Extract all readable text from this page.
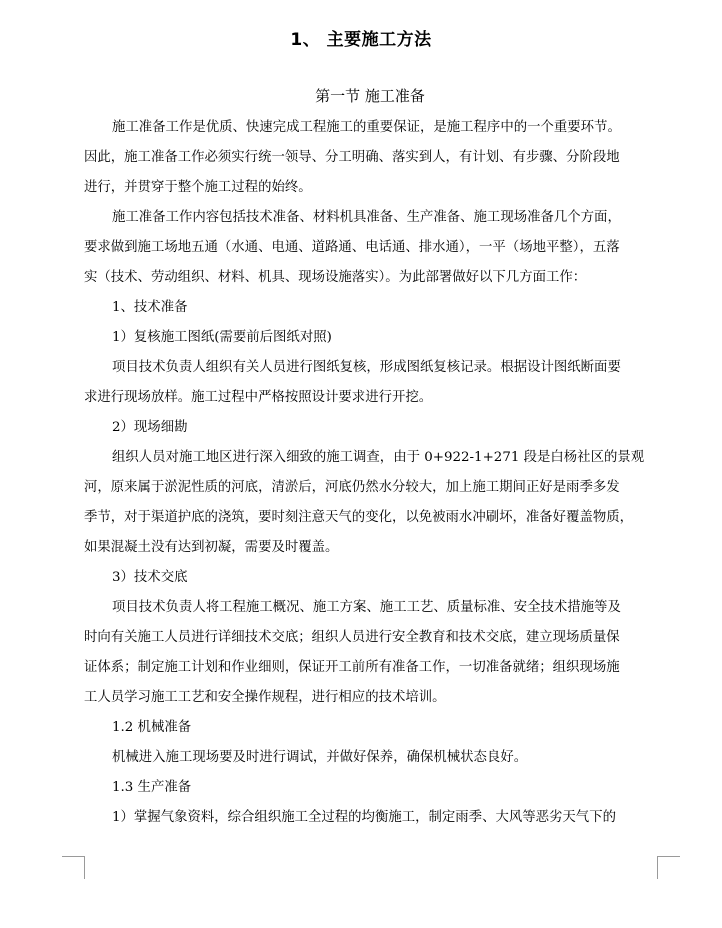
1、 主要施工方法
第一节 施工准备
施工准备工作是优质、快速完成工程施工的重要保证，是施工程序中的一个重要环节。
因此，施工准备工作必须实行统一领导、分工明确、落实到人，有计划、有步骤、分阶段地
进行，并贯穿于整个施工过程的始终。
施工准备工作内容包括技术准备、材料机具准备、生产准备、施工现场准备几个方面，
要求做到施工场地五通（水通、电通、道路通、电话通、排水通），一平（场地平整），五落
实（技术、劳动组织、材料、机具、现场设施落实）。为此部署做好以下几方面工作：
1、技术准备
1）复核施工图纸(需要前后图纸对照)
项目技术负责人组织有关人员进行图纸复核，形成图纸复核记录。根据设计图纸断面要
求进行现场放样。施工过程中严格按照设计要求进行开挖。
2）现场细勘
组织人员对施工地区进行深入细致的施工调查，由于 0+922-1+271 段是白杨社区的景观
河，原来属于淤泥性质的河底，清淤后，河底仍然水分较大，加上施工期间正好是雨季多发
季节，对于渠道护底的浇筑，要时刻注意天气的变化，以免被雨水冲刷坏，准备好覆盖物质，
如果混凝土没有达到初凝，需要及时覆盖。
3）技术交底
项目技术负责人将工程施工概况、施工方案、施工工艺、质量标准、安全技术措施等及
时向有关施工人员进行详细技术交底；组织人员进行安全教育和技术交底，建立现场质量保
证体系；制定施工计划和作业细则，保证开工前所有准备工作，一切准备就绪；组织现场施
工人员学习施工工艺和安全操作规程，进行相应的技术培训。
1.2 机械准备
机械进入施工现场要及时进行调试，并做好保养，确保机械状态良好。
1.3 生产准备
1）掌握气象资料，综合组织施工全过程的均衡施工，制定雨季、大风等恶劣天气下的
